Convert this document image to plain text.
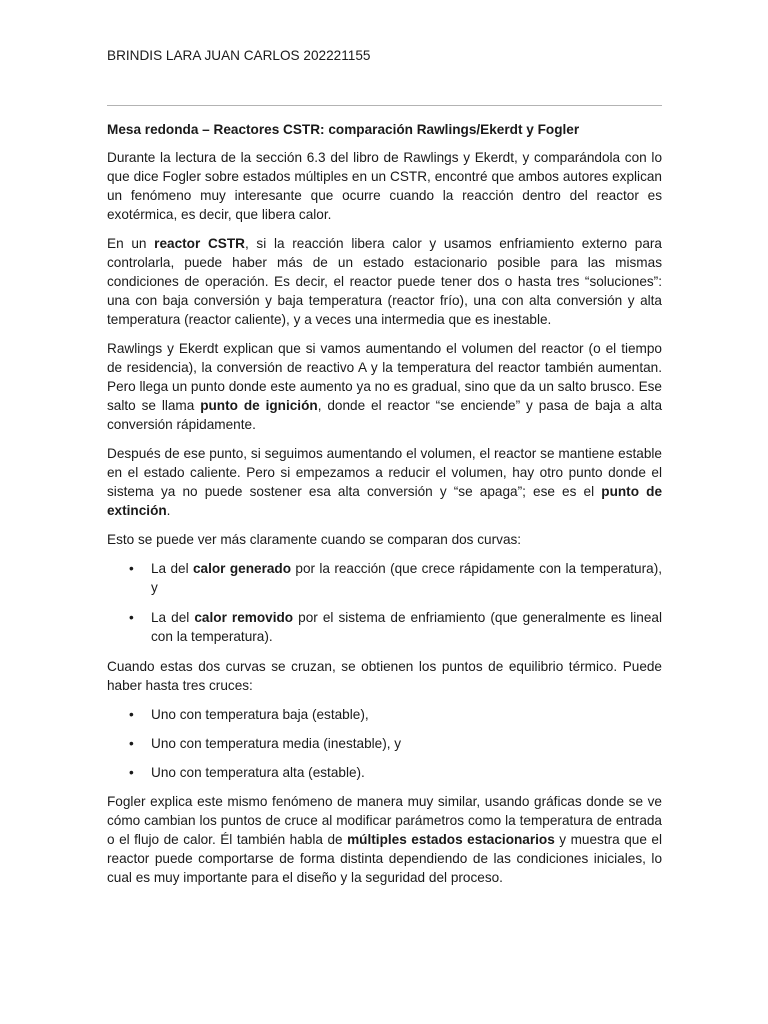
BRINDIS LARA JUAN CARLOS 202221155
Mesa redonda – Reactores CSTR: comparación Rawlings/Ekerdt y Fogler

Durante la lectura de la sección 6.3 del libro de Rawlings y Ekerdt, y comparándola con lo que dice Fogler sobre estados múltiples en un CSTR, encontré que ambos autores explican un fenómeno muy interesante que ocurre cuando la reacción dentro del reactor es exotérmica, es decir, que libera calor.

En un reactor CSTR, si la reacción libera calor y usamos enfriamiento externo para controlarla, puede haber más de un estado estacionario posible para las mismas condiciones de operación. Es decir, el reactor puede tener dos o hasta tres “soluciones”: una con baja conversión y baja temperatura (reactor frío), una con alta conversión y alta temperatura (reactor caliente), y a veces una intermedia que es inestable.

Rawlings y Ekerdt explican que si vamos aumentando el volumen del reactor (o el tiempo de residencia), la conversión de reactivo A y la temperatura del reactor también aumentan. Pero llega un punto donde este aumento ya no es gradual, sino que da un salto brusco. Ese salto se llama punto de ignición, donde el reactor “se enciende” y pasa de baja a alta conversión rápidamente.

Después de ese punto, si seguimos aumentando el volumen, el reactor se mantiene estable en el estado caliente. Pero si empezamos a reducir el volumen, hay otro punto donde el sistema ya no puede sostener esa alta conversión y “se apaga”; ese es el punto de extinción.

Esto se puede ver más claramente cuando se comparan dos curvas:

• La del calor generado por la reacción (que crece rápidamente con la temperatura), y
• La del calor removido por el sistema de enfriamiento (que generalmente es lineal con la temperatura).

Cuando estas dos curvas se cruzan, se obtienen los puntos de equilibrio térmico. Puede haber hasta tres cruces:

• Uno con temperatura baja (estable),
• Uno con temperatura media (inestable), y
• Uno con temperatura alta (estable).

Fogler explica este mismo fenómeno de manera muy similar, usando gráficas donde se ve cómo cambian los puntos de cruce al modificar parámetros como la temperatura de entrada o el flujo de calor. Él también habla de múltiples estados estacionarios y muestra que el reactor puede comportarse de forma distinta dependiendo de las condiciones iniciales, lo cual es muy importante para el diseño y la seguridad del proceso.
